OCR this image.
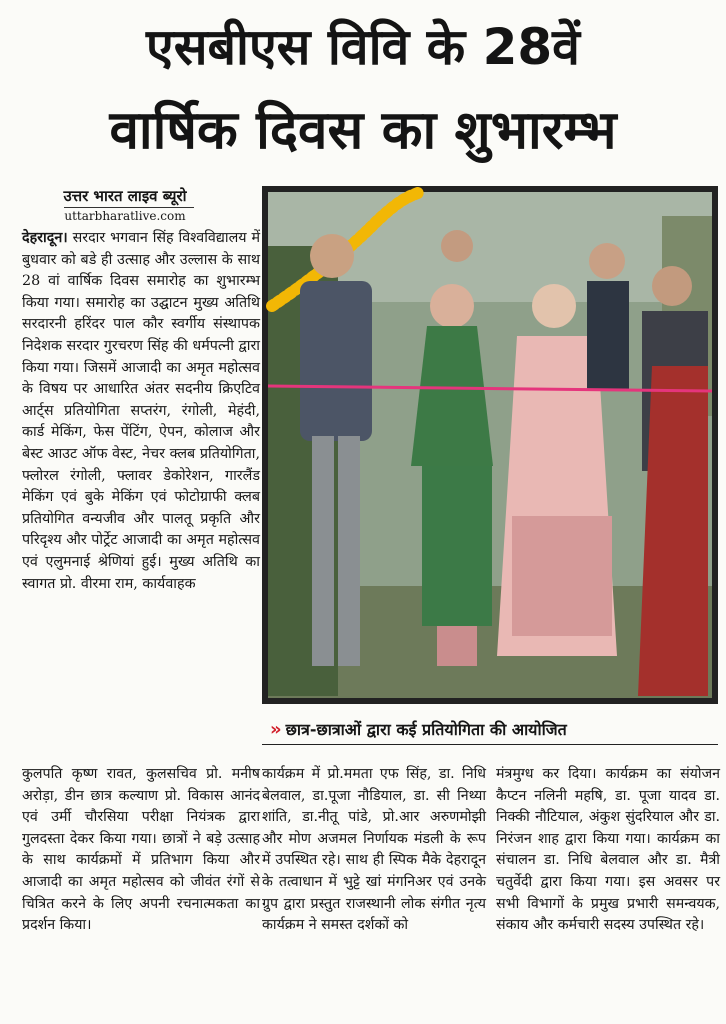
एसबीएस विवि के 28वें
वार्षिक दिवस का शुभारम्भ
उत्तर भारत लाइव ब्यूरो
uttarbharatlive.com
देहरादून। सरदार भगवान सिंह विश्वविद्यालय में बुधवार को बडे ही उत्साह और उल्लास के साथ 28 वां वार्षिक दिवस समारोह का शुभारम्भ किया गया। समारोह का उद्घाटन मुख्य अतिथि सरदारनी हरिंदर पाल कौर स्वर्गीय संस्थापक निदेशक सरदार गुरचरण सिंह की धर्मपत्नी द्वारा किया गया। जिसमें आजादी का अमृत महोत्सव के विषय पर आधारित अंतर सदनीय क्रिएटिव आर्ट्स प्रतियोगिता सप्तरंग, रंगोली, मेहंदी, कार्ड मेकिंग, फेस पेंटिंग, ऐपन, कोलाज और बेस्ट आउट ऑफ वेस्ट, नेचर क्लब प्रतियोगिता, फ्लोरल रंगोली, फ्लावर डेकोरेशन, गारलैंड मेकिंग एवं बुके मेकिंग एवं फोटोग्राफी क्लब प्रतियोगित वन्यजीव और पालतू प्रकृति और परिदृश्य और पोर्ट्रेट आजादी का अमृत महोत्सव एवं एलुमनाई श्रेणियां हुई। मुख्य अतिथि का स्वागत प्रो. वीरमा राम, कार्यवाहक
» छात्र-छात्राओं द्वारा कई प्रतियोगिता की आयोजित
कुलपति कृष्ण रावत, कुलसचिव प्रो. मनीष अरोड़ा, डीन छात्र कल्याण प्रो. विकास आनंद एवं उर्मी चौरसिया परीक्षा नियंत्रक द्वारा गुलदस्ता देकर किया गया। छात्रों ने बड़े उत्साह के साथ कार्यक्रमों में प्रतिभाग किया और आजादी का अमृत महोत्सव को जीवंत रंगों से चित्रित करने के लिए अपनी रचनात्मकता का प्रदर्शन किया।
कार्यक्रम में प्रो.ममता एफ सिंह, डा. निधि बेलवाल, डा.पूजा नौडियाल, डा. सी निथ्या शांति, डा.नीतू पांडे, प्रो.आर अरुणमोझी और मोण अजमल निर्णायक मंडली के रूप में उपस्थित रहे। साथ ही स्पिक मैके देहरादून के तत्वाधान में भुट्टे खां मंगनिअर एवं उनके ग्रुप द्वारा प्रस्तुत राजस्थानी लोक संगीत नृत्य कार्यक्रम ने समस्त दर्शकों को
मंत्रमुग्ध कर दिया। कार्यक्रम का संयोजन कैप्टन नलिनी महषि, डा. पूजा यादव डा. निक्की नौटियाल, अंकुश सुंदरियाल और डा. निरंजन शाह द्वारा किया गया। कार्यक्रम का संचालन डा. निधि बेलवाल और डा. मैत्री चतुर्वेदी द्वारा किया गया। इस अवसर पर सभी विभागों के प्रमुख प्रभारी समन्वयक, संकाय और कर्मचारी सदस्य उपस्थित रहे।
